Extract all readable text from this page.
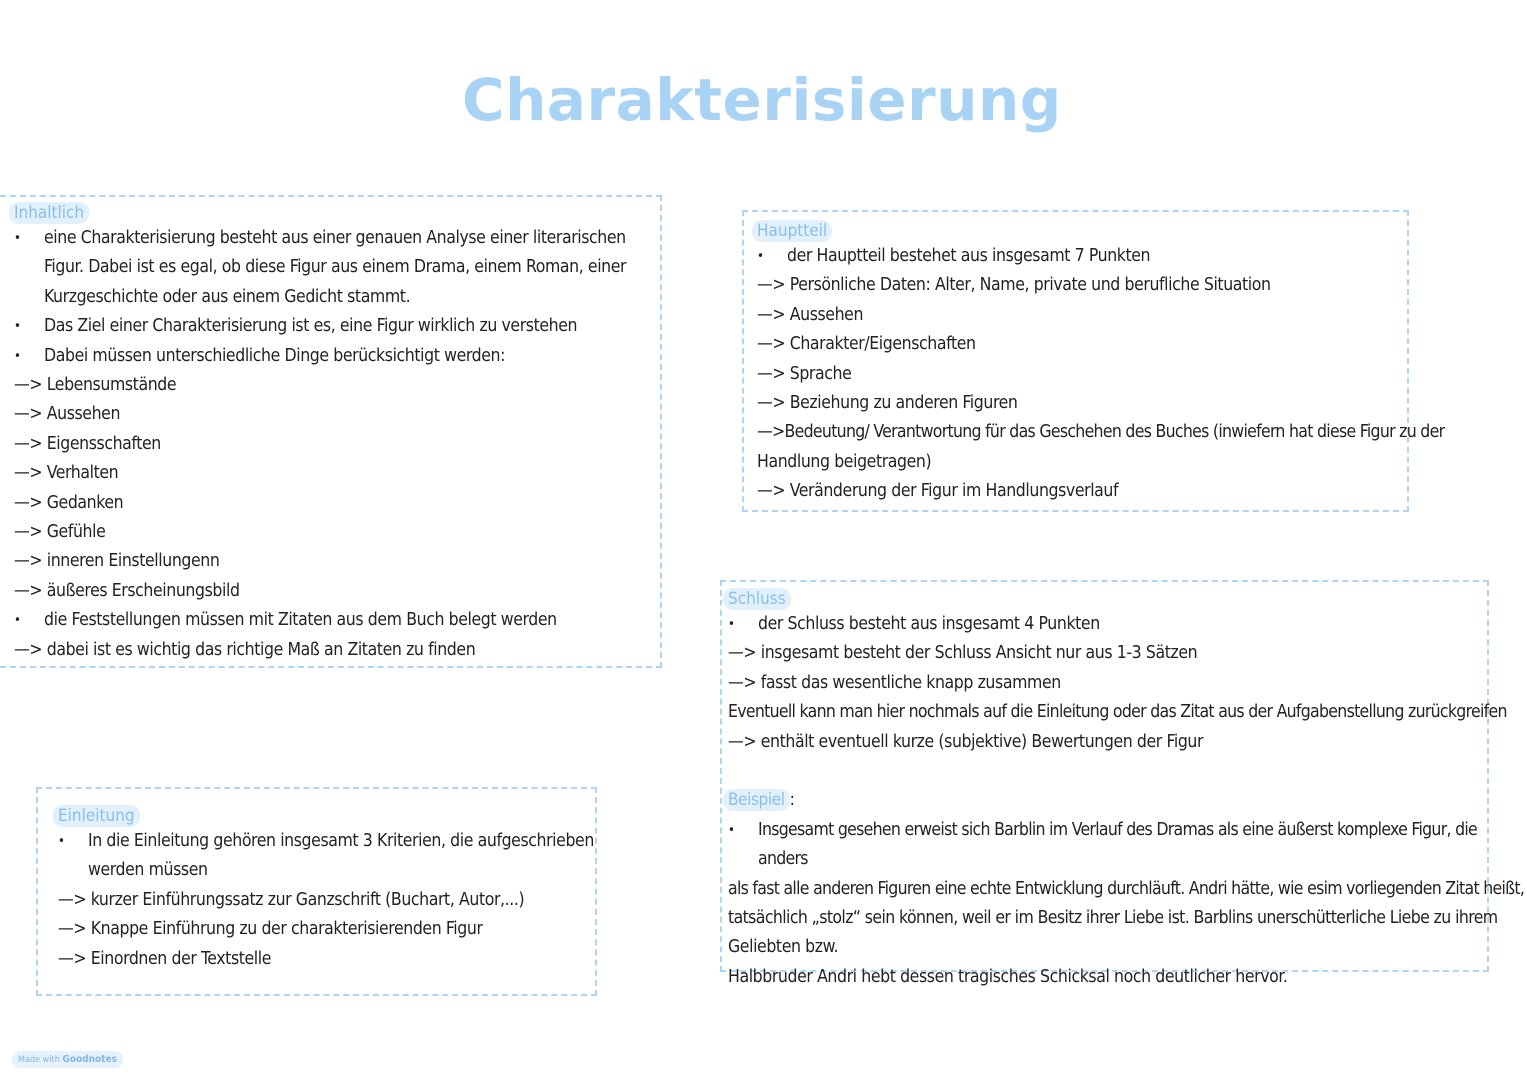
Charakterisierung
Inhaltlich
• eine Charakterisierung besteht aus einer genauen Analyse einer literarischen Figur. Dabei ist es egal, ob diese Figur aus einem Drama, einem Roman, einer Kurzgeschichte oder aus einem Gedicht stammt.
• Das Ziel einer Charakterisierung ist es, eine Figur wirklich zu verstehen
• Dabei müssen unterschiedliche Dinge berücksichtigt werden:
—> Lebensumstände
—> Aussehen
—> Eigensschaften
—> Verhalten
—> Gedanken
—> Gefühle
—> inneren Einstellungenn
—> äußeres Erscheinungsbild
• die Feststellungen müssen mit Zitaten aus dem Buch belegt werden
—> dabei ist es wichtig das richtige Maß an Zitaten zu finden
Hauptteil
• der Hauptteil bestehet aus insgesamt 7 Punkten
—> Persönliche Daten: Alter, Name, private und berufliche Situation
—> Aussehen
—> Charakter/Eigenschaften
—> Sprache
—> Beziehung zu anderen Figuren
—>Bedeutung/ Verantwortung für das Geschehen des Buches (inwiefern hat diese Figur zu der
Handlung beigetragen)
—> Veränderung der Figur im Handlungsverlauf
Schluss
• der Schluss besteht aus insgesamt 4 Punkten
—> insgesamt besteht der Schluss Ansicht nur aus 1-3 Sätzen
—> fasst das wesentliche knapp zusammen
Eventuell kann man hier nochmals auf die Einleitung oder das Zitat aus der Aufgabenstellung zurückgreifen
—> enthält eventuell kurze (subjektive) Bewertungen der Figur
Beispiel :
• Insgesamt gesehen erweist sich Barblin im Verlauf des Dramas als eine äußerst komplexe Figur, die anders
als fast alle anderen Figuren eine echte Entwicklung durchläuft. Andri hätte, wie esim vorliegenden Zitat heißt,
tatsächlich „stolz“ sein können, weil er im Besitz ihrer Liebe ist. Barblins unerschütterliche Liebe zu ihrem
Geliebten bzw.
Halbbruder Andri hebt dessen tragisches Schicksal noch deutlicher hervor.
Einleitung
• In die Einleitung gehören insgesamt 3 Kriterien, die aufgeschrieben werden müssen
—> kurzer Einführungssatz zur Ganzschrift (Buchart, Autor,...)
—> Knappe Einführung zu der charakterisierenden Figur
—> Einordnen der Textstelle
Made with Goodnotes
